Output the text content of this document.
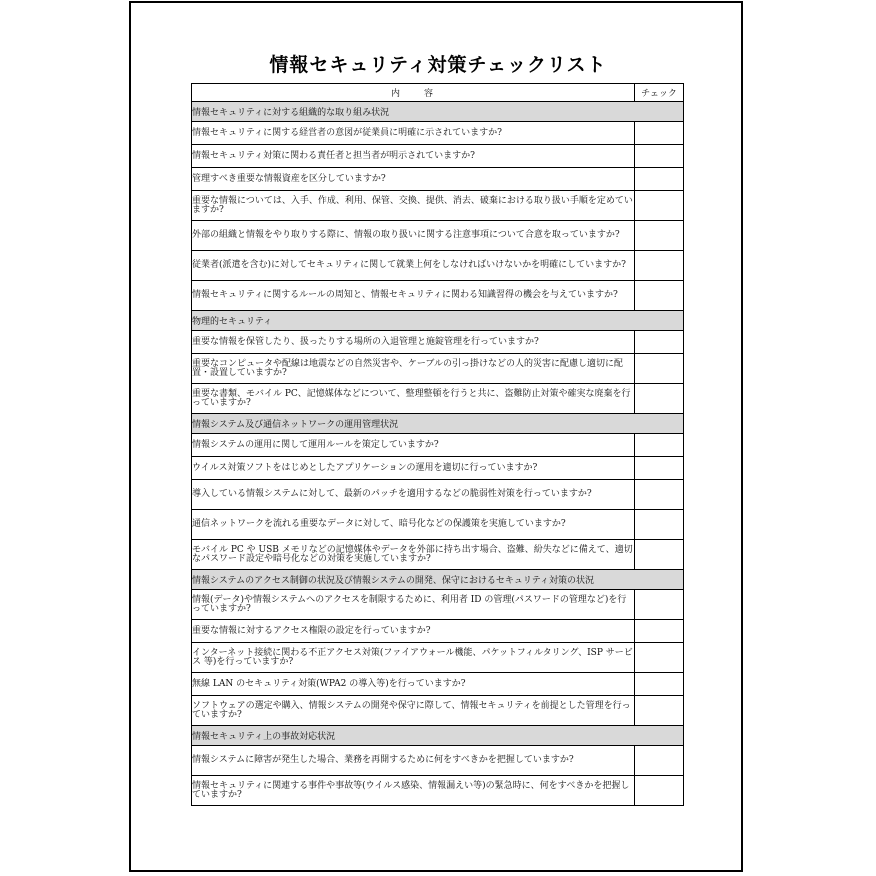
情報セキュリティ対策チェックリスト
内　　容	チェック
情報セキュリティに対する組織的な取り組み状況	
情報セキュリティに関する経営者の意図が従業員に明確に示されていますか?	
情報セキュリティ対策に関わる責任者と担当者が明示されていますか?	
管理すべき重要な情報資産を区分していますか?	
重要な情報については、入手、作成、利用、保管、交換、提供、消去、破棄における取り扱い手順を定めていますか?	
外部の組織と情報をやり取りする際に、情報の取り扱いに関する注意事項について合意を取っていますか?	
従業者(派遣を含む)に対してセキュリティに関して就業上何をしなければいけないかを明確にしていますか?	
情報セキュリティに関するルールの周知と、情報セキュリティに関わる知識習得の機会を与えていますか?	
物理的セキュリティ	
重要な情報を保管したり、扱ったりする場所の入退管理と施錠管理を行っていますか?	
重要なコンピュータや配線は地震などの自然災害や、ケーブルの引っ掛けなどの人的災害に配慮し適切に配置・設置していますか?	
重要な書類、モバイル PC、記憶媒体などについて、整理整頓を行うと共に、盗難防止対策や確実な廃棄を行っていますか?	
情報システム及び通信ネットワークの運用管理状況	
情報システムの運用に関して運用ルールを策定していますか?	
ウイルス対策ソフトをはじめとしたアプリケーションの運用を適切に行っていますか?	
導入している情報システムに対して、最新のパッチを適用するなどの脆弱性対策を行っていますか?	
通信ネットワークを流れる重要なデータに対して、暗号化などの保護策を実施していますか?	
モバイル PC や USB メモリなどの記憶媒体やデータを外部に持ち出す場合、盗難、紛失などに備えて、適切なパスワード設定や暗号化などの対策を実施していますか?	
情報システムのアクセス制御の状況及び情報システムの開発、保守におけるセキュリティ対策の状況	
情報(データ)や情報システムへのアクセスを制限するために、利用者 ID の管理(パスワードの管理など)を行っていますか?	
重要な情報に対するアクセス権限の設定を行っていますか?	
インターネット接続に関わる不正アクセス対策(ファイアウォール機能、パケットフィルタリング、ISP サービス 等)を行っていますか?	
無線 LAN のセキュリティ対策(WPA2 の導入等)を行っていますか?	
ソフトウェアの選定や購入、情報システムの開発や保守に際して、情報セキュリティを前提とした管理を行っていますか?	
情報セキュリティ上の事故対応状況	
情報システムに障害が発生した場合、業務を再開するために何をすべきかを把握していますか?	
情報セキュリティに関連する事件や事故等(ウイルス感染、情報漏えい等)の緊急時に、何をすべきかを把握していますか?	
